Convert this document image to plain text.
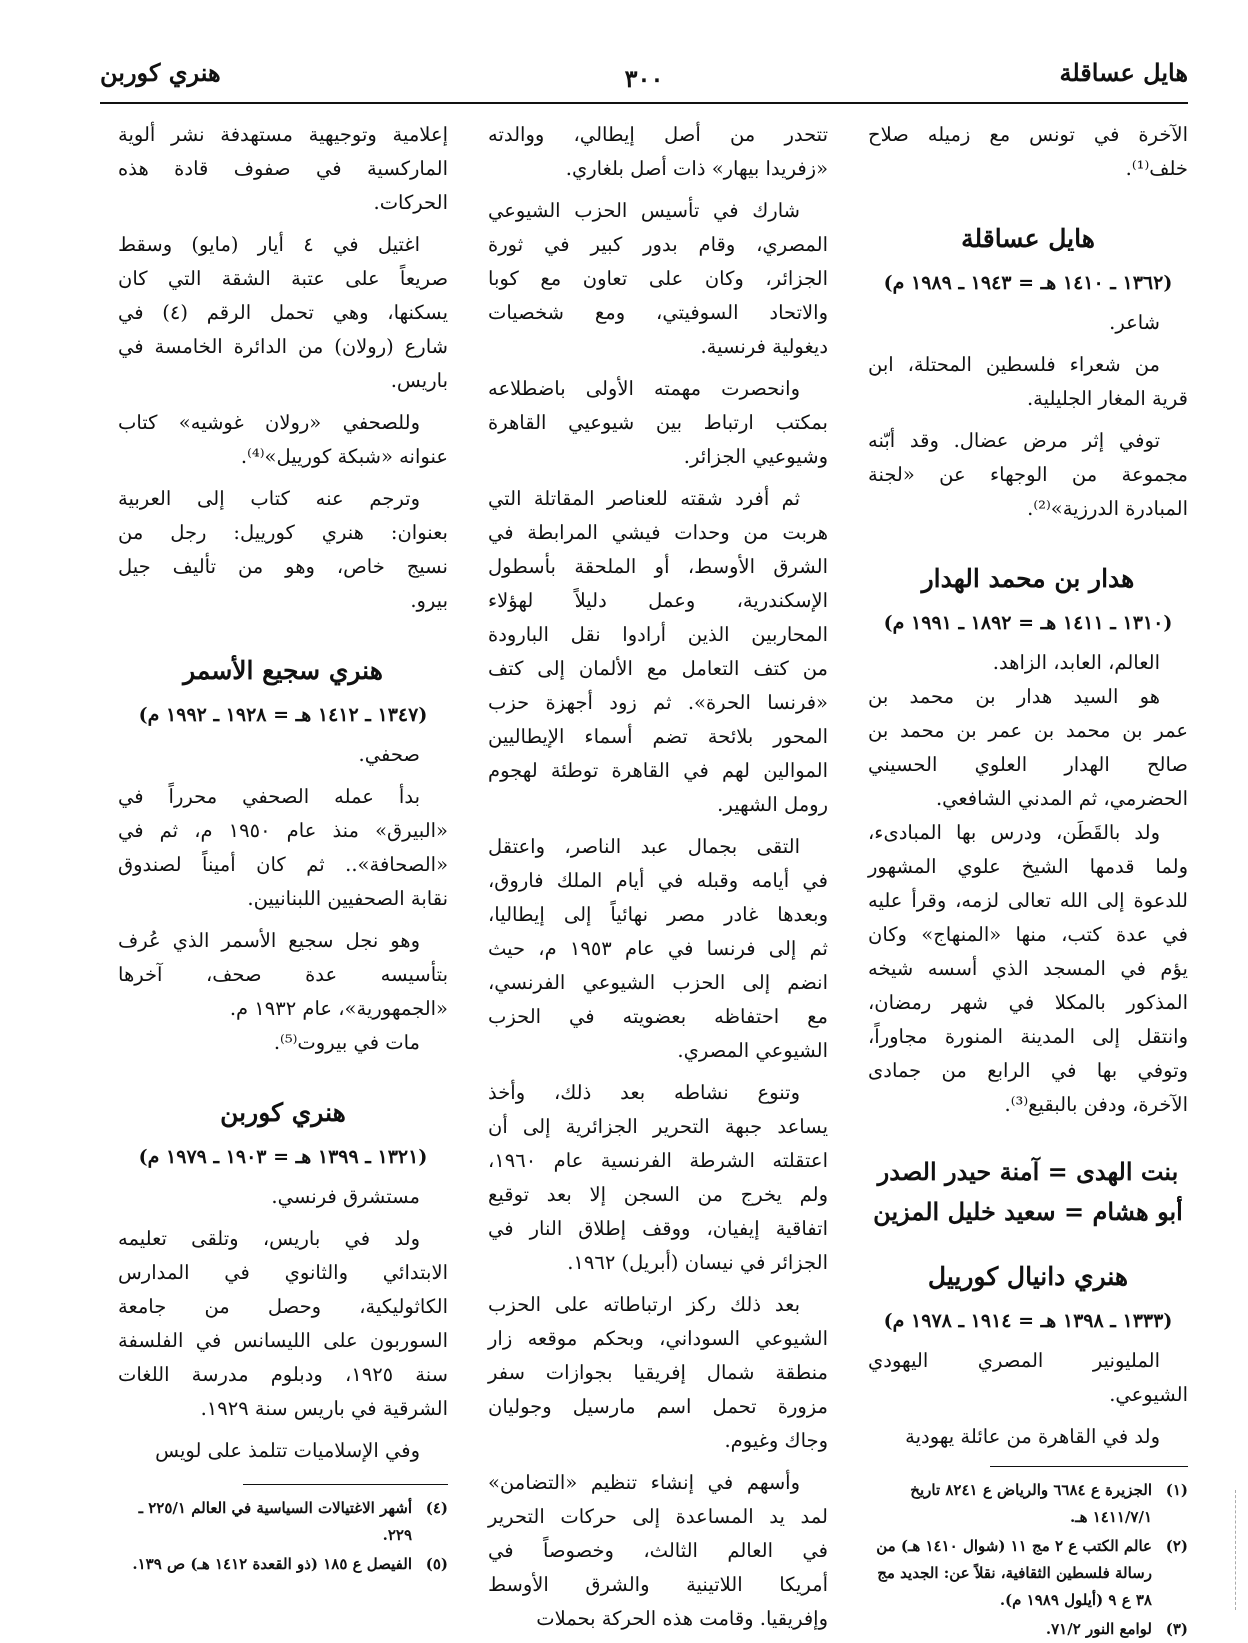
هايل عساقلة
٣٠٠
هنري كوربن

الآخرة في تونس مع زميله صلاح

خلف⁽¹⁾.

هايل عساقلة
(١٣٦٢ ـ ١٤١٠ هـ = ١٩٤٣ ـ ١٩٨٩ م)

شاعر.

من شعراء فلسطين المحتلة، ابن

قرية المغار الجليلية.

توفي إثر مرض عضال. وقد أبّنه

مجموعة من الوجهاء عن «لجنة

المبادرة الدرزية»⁽²⁾.

هدار بن محمد الهدار
(١٣١٠ ـ ١٤١١ هـ = ١٨٩٢ ـ ١٩٩١ م)

العالم، العابد، الزاهد.

هو السيد هدار بن محمد بن

عمر بن محمد بن عمر بن محمد بن

صالح الهدار العلوي الحسيني

الحضرمي، ثم المدني الشافعي.

ولد بالقَطَن، ودرس بها المبادىء،

ولما قدمها الشيخ علوي المشهور

للدعوة إلى الله تعالى لزمه، وقرأ عليه

في عدة كتب، منها «المنهاج» وكان

يؤم في المسجد الذي أسسه شيخه

المذكور بالمكلا في شهر رمضان،

وانتقل إلى المدينة المنورة مجاوراً،

وتوفي بها في الرابع من جمادى

الآخرة، ودفن بالبقيع⁽³⁾.

بنت الهدى = آمنة حيدر الصدر
أبو هشام = سعيد خليل المزين
هنري دانيال كورييل
(١٣٣٣ ـ ١٣٩٨ هـ = ١٩١٤ ـ ١٩٧٨ م)

المليونير المصري اليهودي

الشيوعي.

ولد في القاهرة من عائلة يهودية

(١)
الجزيرة ع ٦٦٨٤ والرياض ع ٨٢٤١ تاريخ ١٤١١/٧/١ هـ.
(٢)
عالم الكتب ع ٢ مج ١١ (شوال ١٤١٠ هـ) من رسالة فلسطين الثقافية، نقلاً عن: الجديد مج ٣٨ ع ٩ (أيلول ١٩٨٩ م).
(٣)
لوامع النور ٧١/٢.

تتحدر من أصل إيطالي، ووالدته

«زفريدا بيهار» ذات أصل بلغاري.

شارك في تأسيس الحزب الشيوعي

المصري، وقام بدور كبير في ثورة

الجزائر، وكان على تعاون مع كوبا

والاتحاد السوفيتي، ومع شخصيات

ديغولية فرنسية.

وانحصرت مهمته الأولى باضطلاعه

بمكتب ارتباط بين شيوعيي القاهرة

وشيوعيي الجزائر.

ثم أفرد شقته للعناصر المقاتلة التي

هربت من وحدات فيشي المرابطة في

الشرق الأوسط، أو الملحقة بأسطول

الإسكندرية، وعمل دليلاً لهؤلاء

المحاربين الذين أرادوا نقل البارودة

من كتف التعامل مع الألمان إلى كتف

«فرنسا الحرة». ثم زود أجهزة حزب

المحور بلائحة تضم أسماء الإيطاليين

الموالين لهم في القاهرة توطئة لهجوم

رومل الشهير.

التقى بجمال عبد الناصر، واعتقل

في أيامه وقبله في أيام الملك فاروق،

وبعدها غادر مصر نهائياً إلى إيطاليا،

ثم إلى فرنسا في عام ١٩٥٣ م، حيث

انضم إلى الحزب الشيوعي الفرنسي،

مع احتفاظه بعضويته في الحزب

الشيوعي المصري.

وتنوع نشاطه بعد ذلك، وأخذ

يساعد جبهة التحرير الجزائرية إلى أن

اعتقلته الشرطة الفرنسية عام ١٩٦٠،

ولم يخرج من السجن إلا بعد توقيع

اتفاقية إيفيان، ووقف إطلاق النار في

الجزائر في نيسان (أبريل) ١٩٦٢.

بعد ذلك ركز ارتباطاته على الحزب

الشيوعي السوداني، وبحكم موقعه زار

منطقة شمال إفريقيا بجوازات سفر

مزورة تحمل اسم مارسيل وجوليان

وجاك وغيوم.

وأسهم في إنشاء تنظيم «التضامن»

لمد يد المساعدة إلى حركات التحرير

في العالم الثالث، وخصوصاً في

أمريكا اللاتينية والشرق الأوسط

وإفريقيا. وقامت هذه الحركة بحملات

إعلامية وتوجيهية مستهدفة نشر ألوية

الماركسية في صفوف قادة هذه

الحركات.

اغتيل في ٤ أيار (مايو) وسقط

صريعاً على عتبة الشقة التي كان

يسكنها، وهي تحمل الرقم (٤) في

شارع (رولان) من الدائرة الخامسة في

باريس.

وللصحفي «رولان غوشيه» كتاب

عنوانه «شبكة كورييل»⁽⁴⁾.

وترجم عنه كتاب إلى العربية

بعنوان: هنري كورييل: رجل من

نسيج خاص، وهو من تأليف جيل

بيرو.

هنري سجيع الأسمر
(١٣٤٧ ـ ١٤١٢ هـ = ١٩٢٨ ـ ١٩٩٢ م)

صحفي.

بدأ عمله الصحفي محرراً في

«البيرق» منذ عام ١٩٥٠ م، ثم في

«الصحافة».. ثم كان أميناً لصندوق

نقابة الصحفيين اللبنانيين.

وهو نجل سجيع الأسمر الذي عُرف

بتأسيسه عدة صحف، آخرها

«الجمهورية»، عام ١٩٣٢ م.

مات في بيروت⁽⁵⁾.

هنري كوربن
(١٣٢١ ـ ١٣٩٩ هـ = ١٩٠٣ ـ ١٩٧٩ م)

مستشرق فرنسي.

ولد في باريس، وتلقى تعليمه

الابتدائي والثانوي في المدارس

الكاثوليكية، وحصل من جامعة

السوربون على الليسانس في الفلسفة

سنة ١٩٢٥، ودبلوم مدرسة اللغات

الشرقية في باريس سنة ١٩٢٩.

وفي الإسلاميات تتلمذ على لويس

(٤)
أشهر الاغتيالات السياسية في العالم ٢٢٥/١ ـ ٢٢٩.
(٥)
الفيصل ع ١٨٥ (ذو القعدة ١٤١٢ هـ) ص ١٣٩.
